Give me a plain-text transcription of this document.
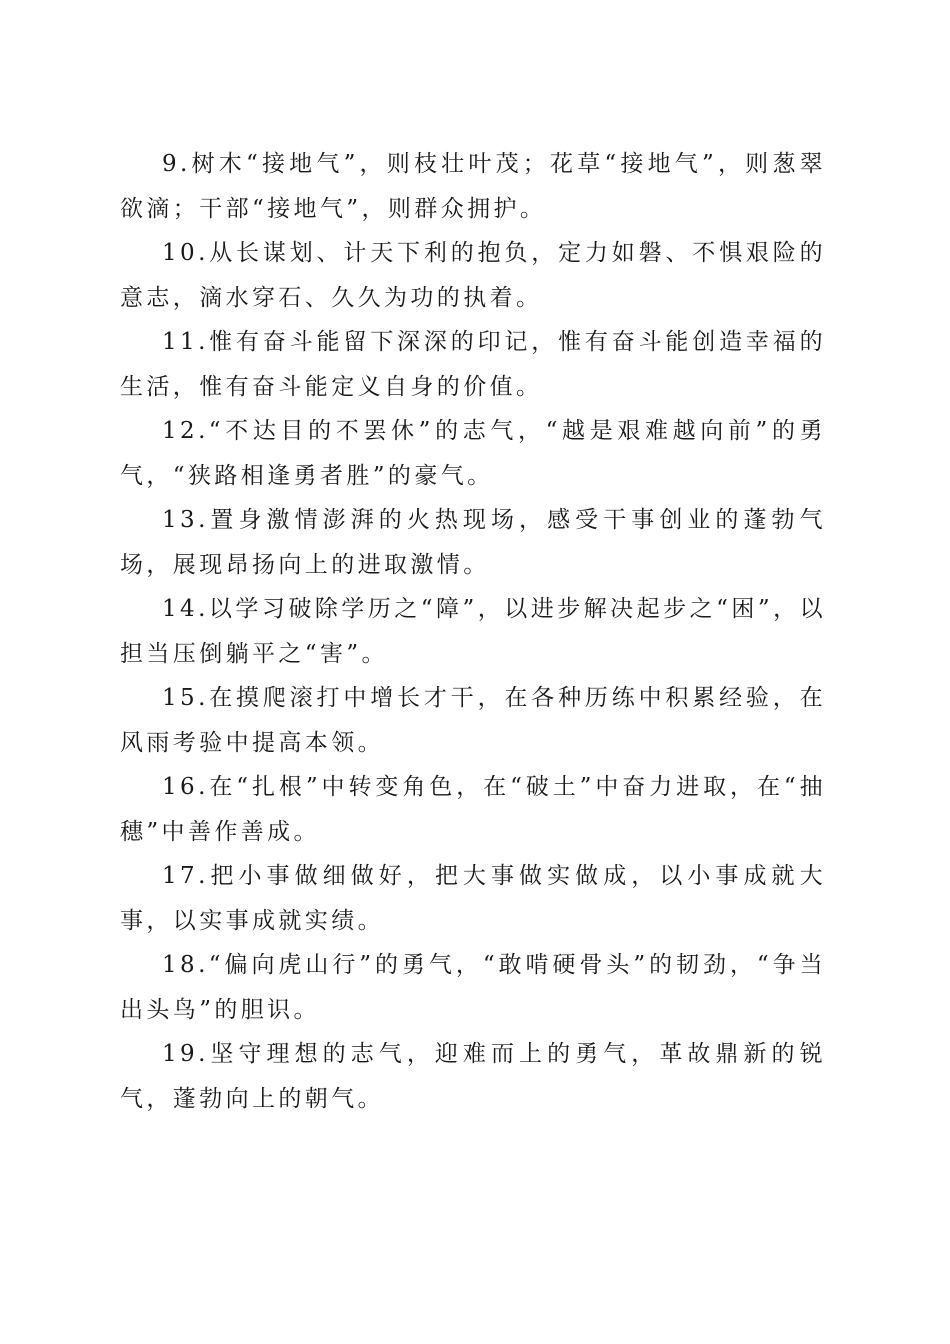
9.树木“接地气”，则枝壮叶茂；花草“接地气”，则葱翠欲滴；干部“接地气”，则群众拥护。

10.从长谋划、计天下利的抱负，定力如磐、不惧艰险的意志，滴水穿石、久久为功的执着。

11.惟有奋斗能留下深深的印记，惟有奋斗能创造幸福的生活，惟有奋斗能定义自身的价值。

12.“不达目的不罢休”的志气，“越是艰难越向前”的勇气，“狭路相逢勇者胜”的豪气。

13.置身激情澎湃的火热现场，感受干事创业的蓬勃气场，展现昂扬向上的进取激情。

14.以学习破除学历之“障”，以进步解决起步之“困”，以担当压倒躺平之“害”。

15.在摸爬滚打中增长才干，在各种历练中积累经验，在风雨考验中提高本领。

16.在“扎根”中转变角色，在“破土”中奋力进取，在“抽穗”中善作善成。

17.把小事做细做好，把大事做实做成，以小事成就大事，以实事成就实绩。

18.“偏向虎山行”的勇气，“敢啃硬骨头”的韧劲，“争当出头鸟”的胆识。

19.坚守理想的志气，迎难而上的勇气，革故鼎新的锐气，蓬勃向上的朝气。
